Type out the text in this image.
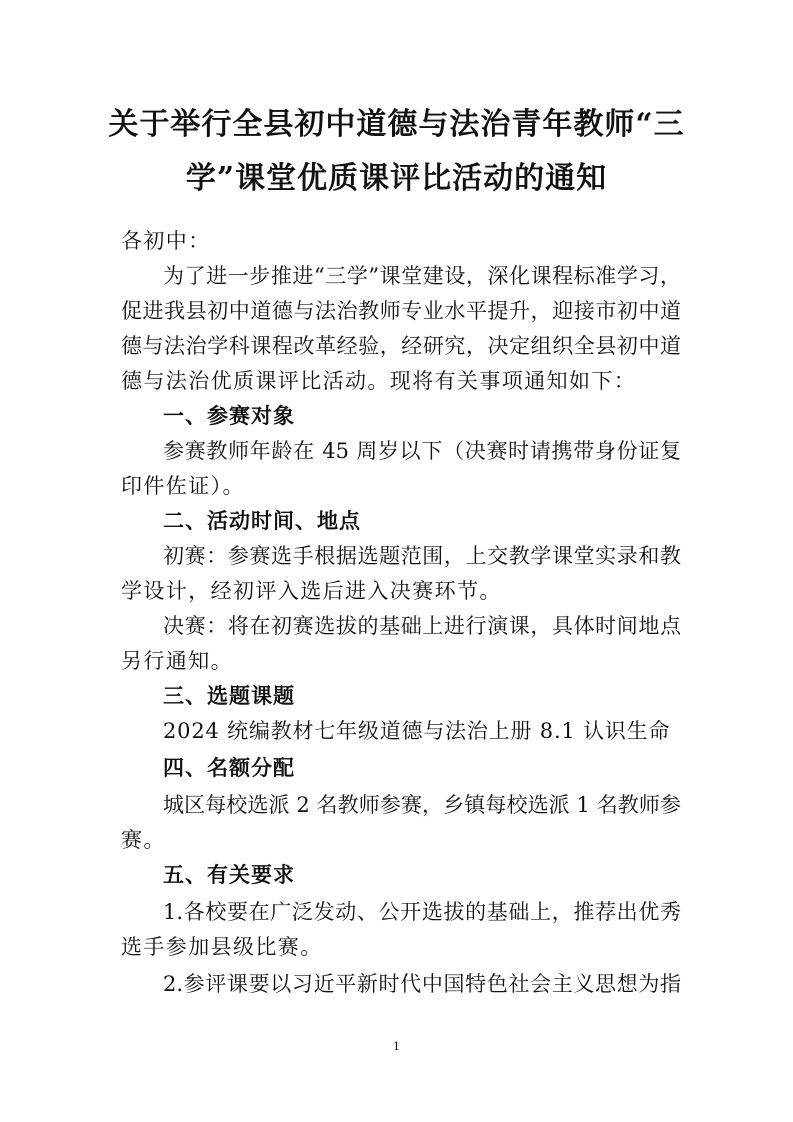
关于举行全县初中道德与法治青年教师“三
学”课堂优质课评比活动的通知

各初中：

为了进一步推进“三学”课堂建设，深化课程标准学习，

促进我县初中道德与法治教师专业水平提升，迎接市初中道

德与法治学科课程改革经验，经研究，决定组织全县初中道

德与法治优质课评比活动。现将有关事项通知如下：

一、参赛对象

参赛教师年龄在 45 周岁以下（决赛时请携带身份证复

印件佐证）。

二、活动时间、地点

初赛：参赛选手根据选题范围，上交教学课堂实录和教

学设计，经初评入选后进入决赛环节。

决赛：将在初赛选拔的基础上进行演课，具体时间地点

另行通知。

三、选题课题

2024 统编教材七年级道德与法治上册 8.1 认识生命

四、名额分配

城区每校选派 2 名教师参赛，乡镇每校选派 1 名教师参

赛。

五、有关要求

1.各校要在广泛发动、公开选拔的基础上，推荐出优秀

选手参加县级比赛。

2.参评课要以习近平新时代中国特色社会主义思想为指

1
